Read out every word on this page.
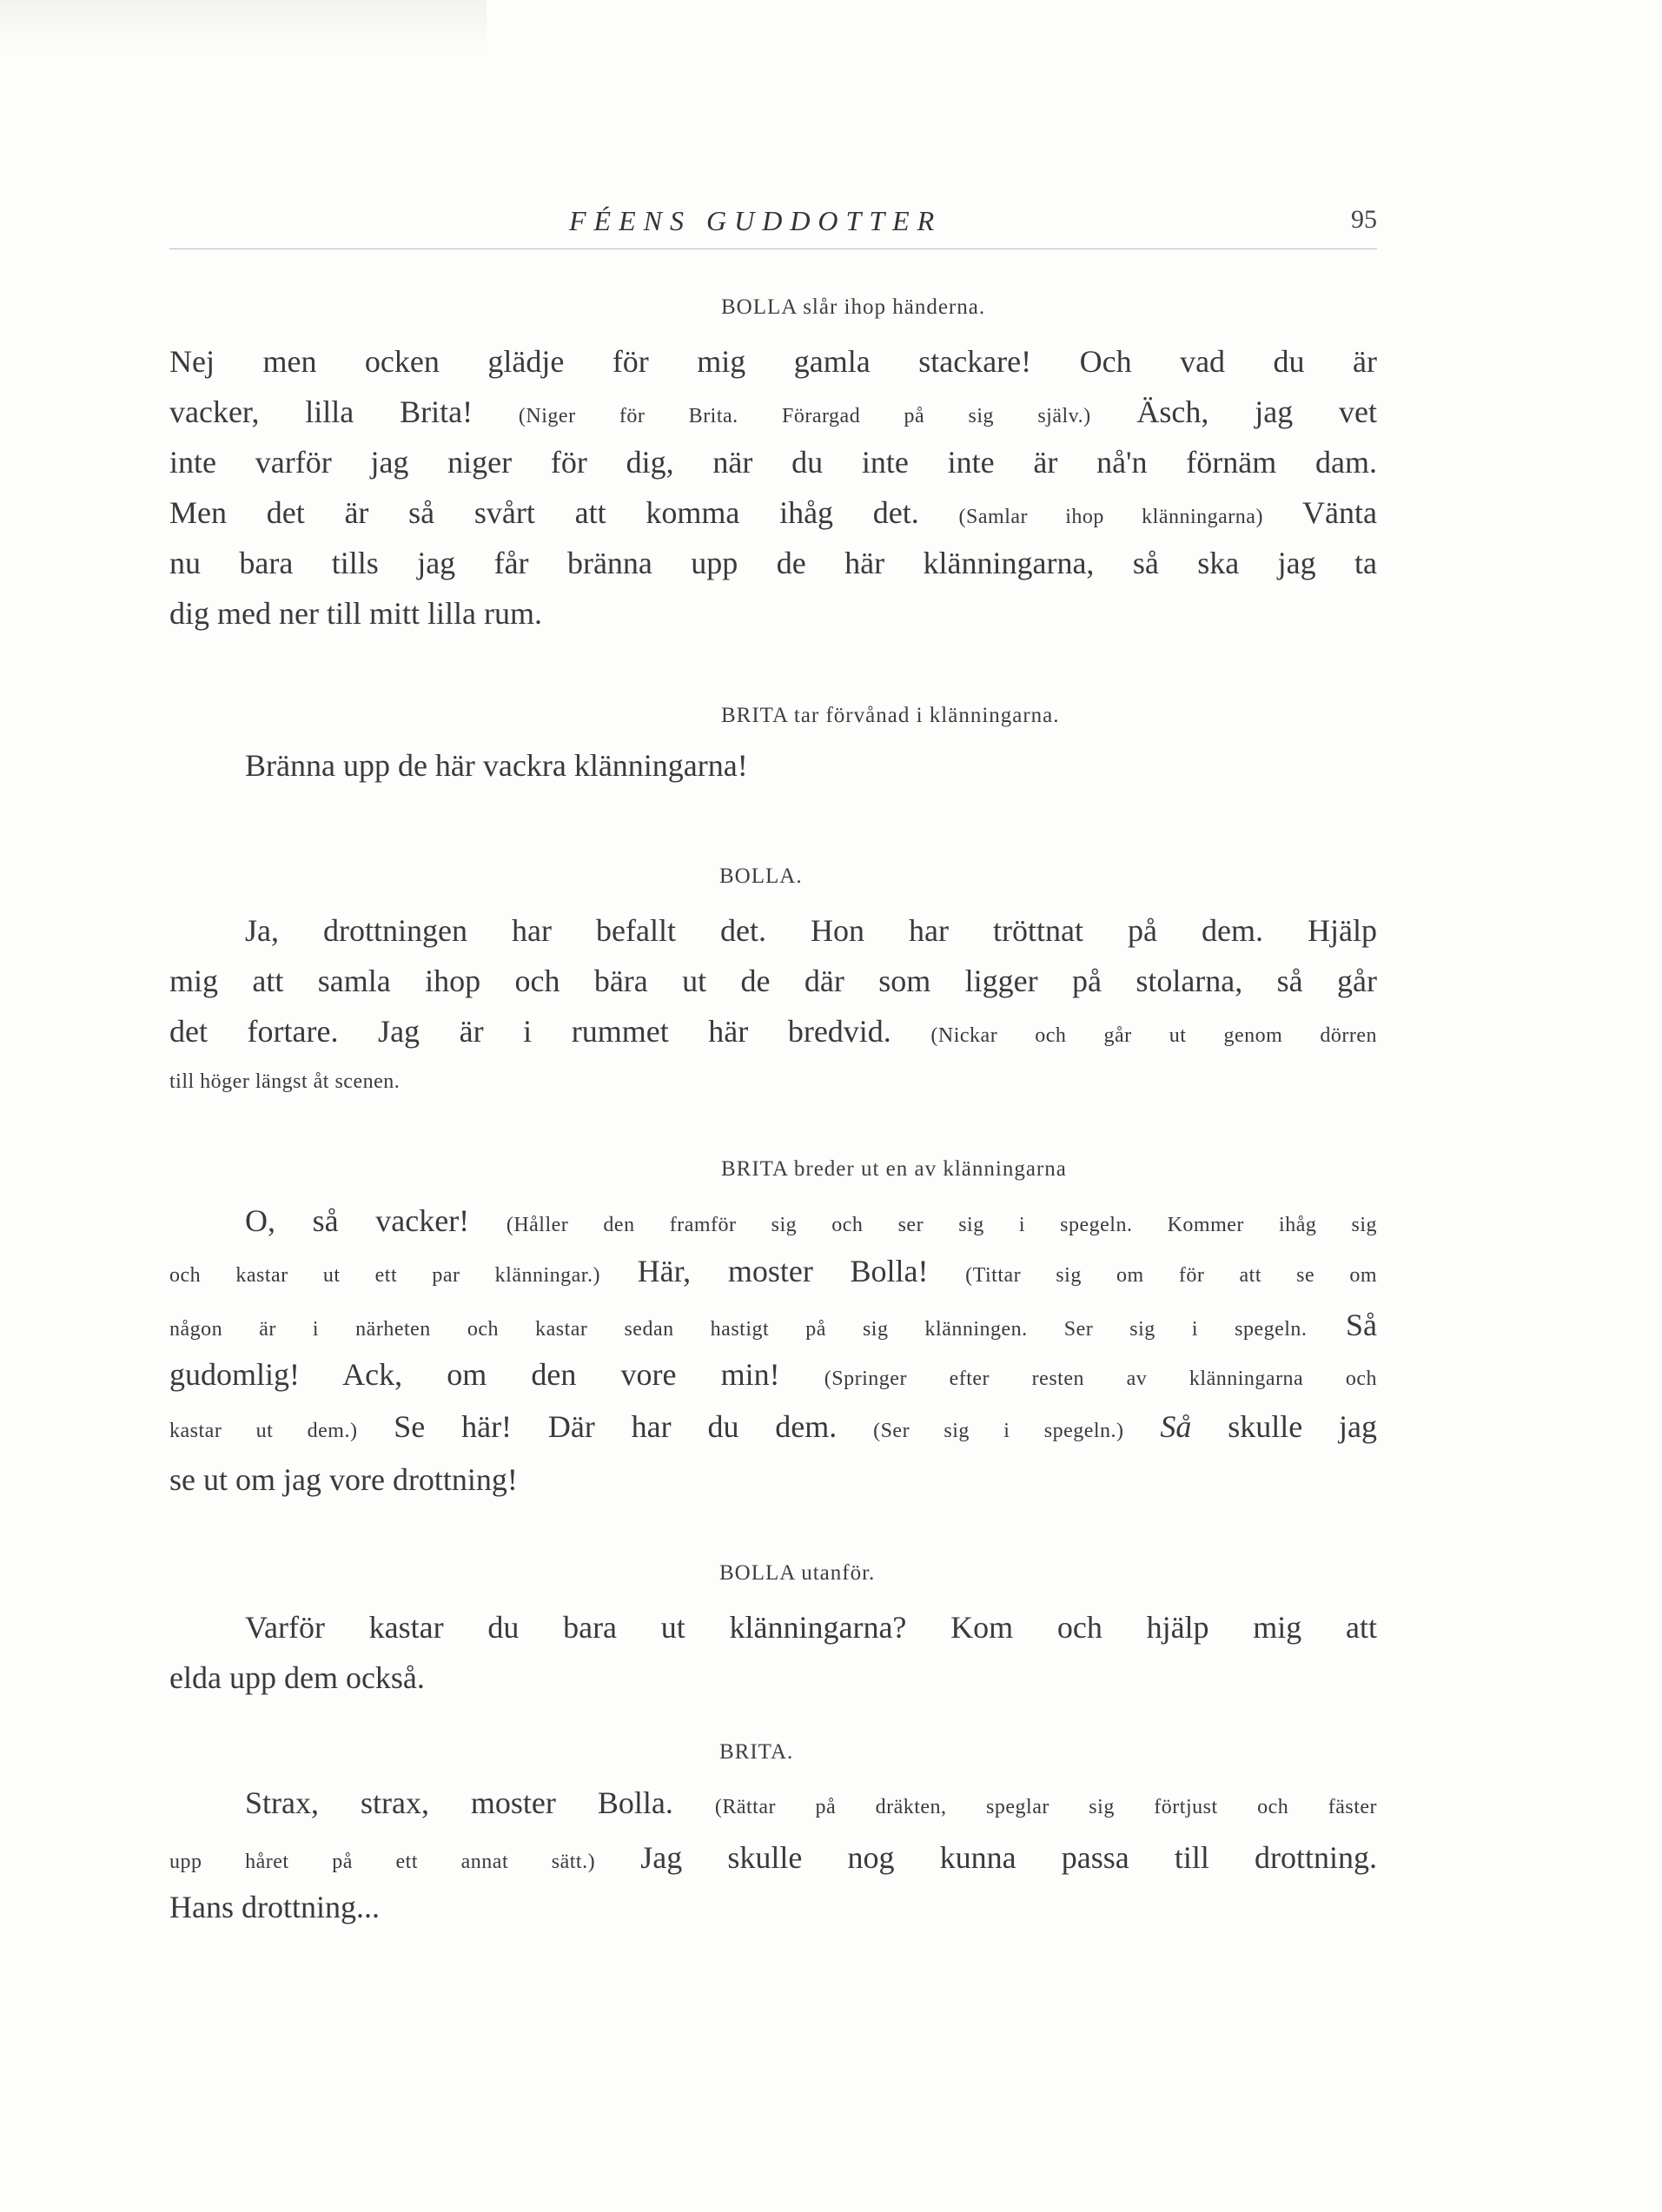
FÉENS GUDDOTTER	95
BOLLA slår ihop händerna.
Nej men ocken glädje för mig gamla stackare! Och vad du är
vacker, lilla Brita! (Niger för Brita. Förargad på sig själv.) Äsch, jag vet
inte varför jag niger för dig, när du inte inte är nå'n förnäm dam.
Men det är så svårt att komma ihåg det. (Samlar ihop klänningarna) Vänta
nu bara tills jag får bränna upp de här klänningarna, så ska jag ta
dig med ner till mitt lilla rum.
BRITA tar förvånad i klänningarna.
Bränna upp de här vackra klänningarna!
BOLLA.
Ja, drottningen har befallt det. Hon har tröttnat på dem. Hjälp
mig att samla ihop och bära ut de där som ligger på stolarna, så går
det fortare. Jag är i rummet här bredvid. (Nickar och går ut genom dörren
till höger längst åt scenen.
BRITA breder ut en av klänningarna
O, så vacker! (Håller den framför sig och ser sig i spegeln. Kommer ihåg sig
och kastar ut ett par klänningar.) Här, moster Bolla! (Tittar sig om för att se om
någon är i närheten och kastar sedan hastigt på sig klänningen. Ser sig i spegeln. Så
gudomlig! Ack, om den vore min! (Springer efter resten av klänningarna och
kastar ut dem.) Se här! Där har du dem. (Ser sig i spegeln.) Så skulle jag
se ut om jag vore drottning!
BOLLA utanför.
Varför kastar du bara ut klänningarna? Kom och hjälp mig att
elda upp dem också.
BRITA.
Strax, strax, moster Bolla. (Rättar på dräkten, speglar sig förtjust och fäster
upp håret på ett annat sätt.) Jag skulle nog kunna passa till drottning.
Hans drottning...
